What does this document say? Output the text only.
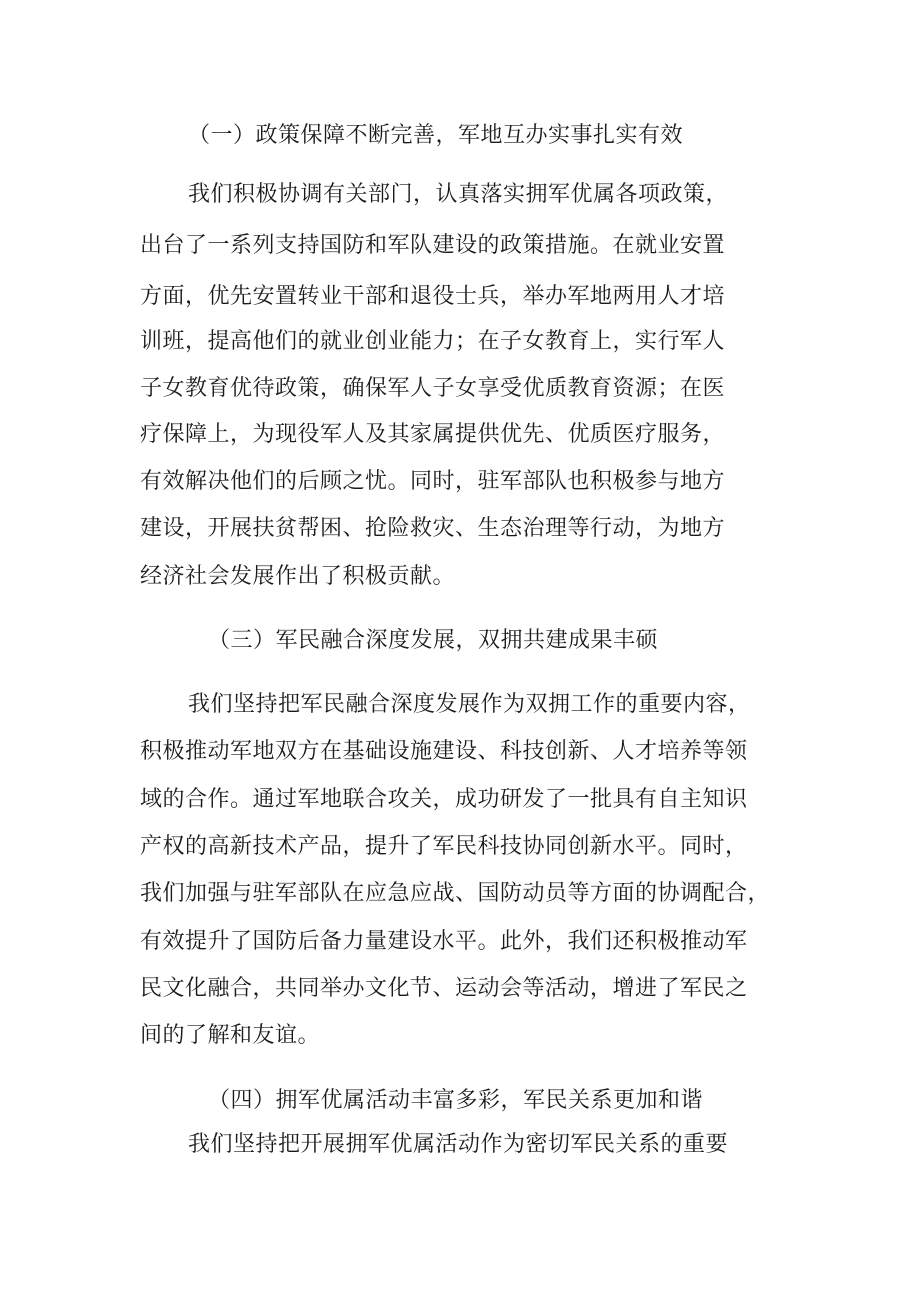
（一）政策保障不断完善，军地互办实事扎实有效
我们积极协调有关部门，认真落实拥军优属各项政策，
出台了一系列支持国防和军队建设的政策措施。在就业安置
方面，优先安置转业干部和退役士兵，举办军地两用人才培
训班，提高他们的就业创业能力；在子女教育上，实行军人
子女教育优待政策，确保军人子女享受优质教育资源；在医
疗保障上，为现役军人及其家属提供优先、优质医疗服务，
有效解决他们的后顾之忧。同时，驻军部队也积极参与地方
建设，开展扶贫帮困、抢险救灾、生态治理等行动，为地方
经济社会发展作出了积极贡献。
（三）军民融合深度发展，双拥共建成果丰硕
我们坚持把军民融合深度发展作为双拥工作的重要内容，
积极推动军地双方在基础设施建设、科技创新、人才培养等领
域的合作。通过军地联合攻关，成功研发了一批具有自主知识
产权的高新技术产品，提升了军民科技协同创新水平。同时，
我们加强与驻军部队在应急应战、国防动员等方面的协调配合，
有效提升了国防后备力量建设水平。此外，我们还积极推动军
民文化融合，共同举办文化节、运动会等活动，增进了军民之
间的了解和友谊。
（四）拥军优属活动丰富多彩，军民关系更加和谐
我们坚持把开展拥军优属活动作为密切军民关系的重要
